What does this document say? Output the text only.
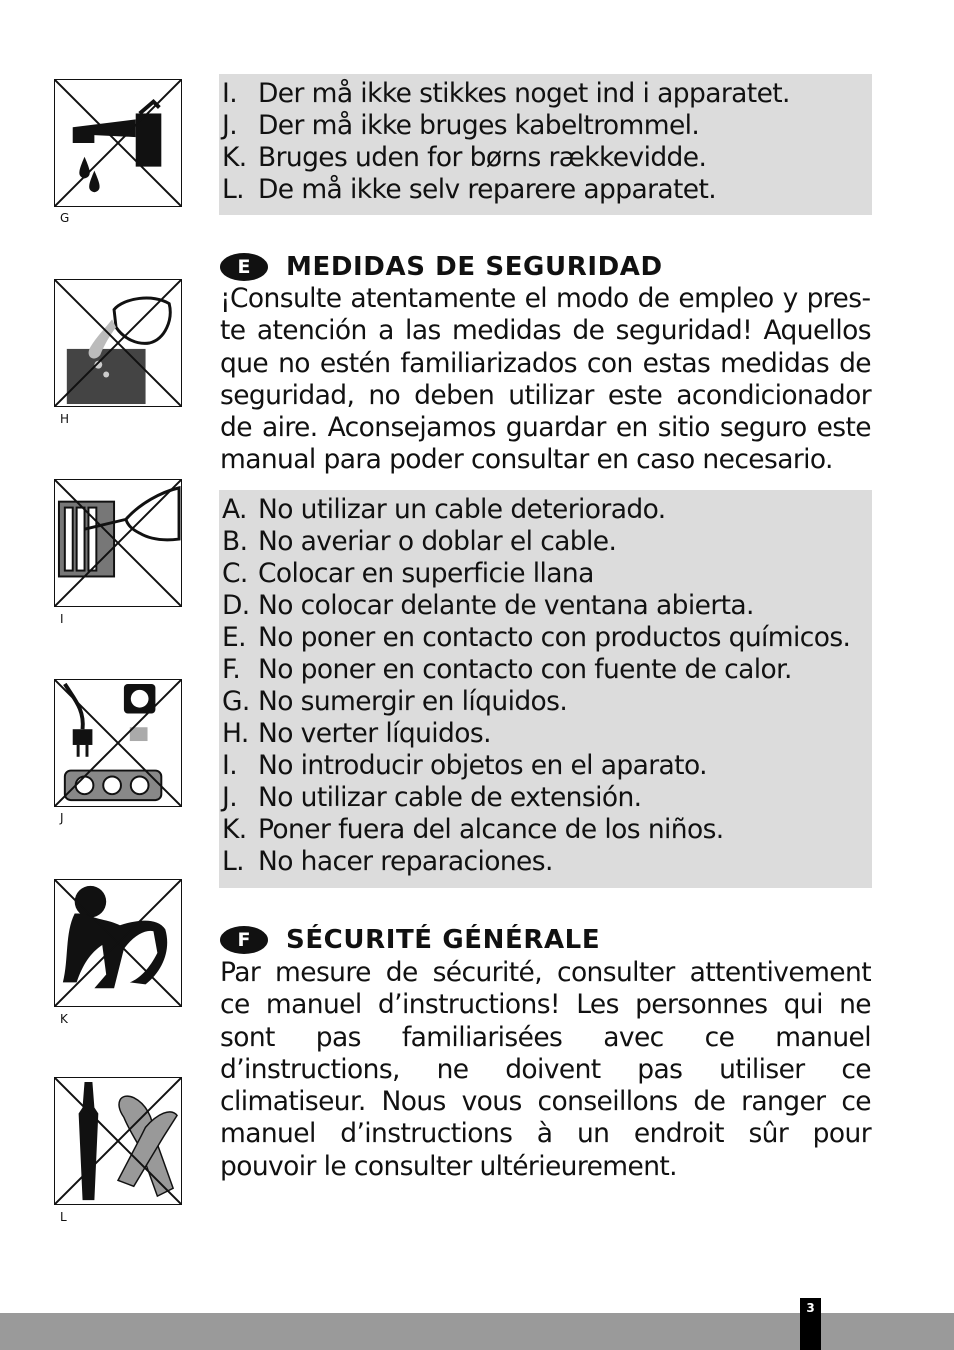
G
H
I
J
K
L
I. Der må ikke stikkes noget ind i apparatet.
J. Der må ikke bruges kabeltrommel.
K. Bruges uden for børns rækkevidde.
L. De må ikke selv reparere apparatet.
E	MEDIDAS DE SEGURIDAD

¡Consulte atentamente el modo de empleo y preste atención a las medidas de seguridad! Aquellos que no estén familiarizados con estas medidas de seguridad, no deben utilizar este acondicionador de aire. Aconsejamos guardar en sitio seguro este manual para poder consultar en caso necesario.

A. No utilizar un cable deteriorado.
B. No averiar o doblar el cable.
C. Colocar en superficie llana
D. No colocar delante de ventana abierta.
E. No poner en contacto con productos químicos.
F. No poner en contacto con fuente de calor.
G. No sumergir en líquidos.
H. No verter líquidos.
I. No introducir objetos en el aparato.
J. No utilizar cable de extensión.
K. Poner fuera del alcance de los niños.
L. No hacer reparaciones.
F	SÉCURITÉ GÉNÉRALE

Par mesure de sécurité, consulter attentivement ce manuel d’instructions! Les personnes qui ne sont pas familiarisées avec ce manuel d’instructions, ne doivent pas utiliser ce climatiseur. Nous vous conseillons de ranger ce manuel d’instructions à un endroit sûr pour pouvoir le consulter ultérieurement.

3
